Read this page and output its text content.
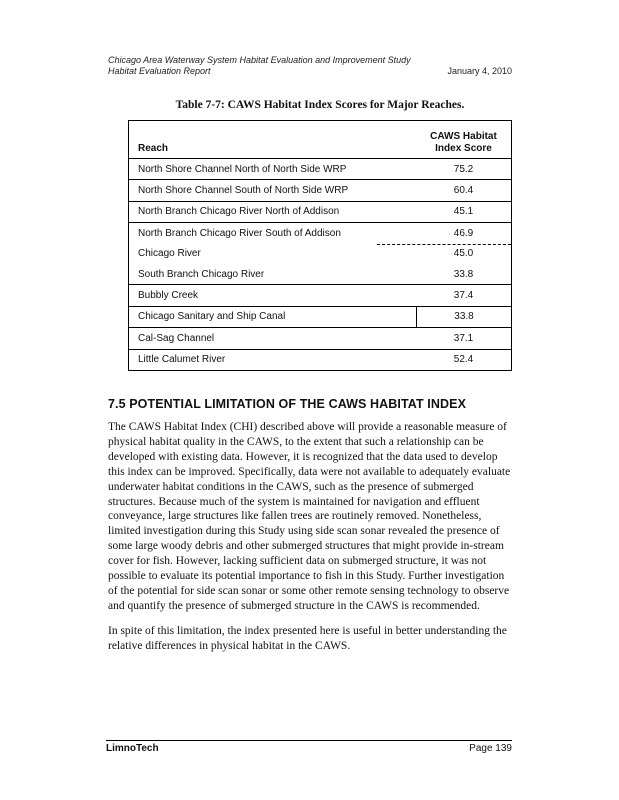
Chicago Area Waterway System Habitat Evaluation and Improvement Study
Habitat Evaluation Report	January 4, 2010
Table 7-7: CAWS Habitat Index Scores for Major Reaches.
Reach
CAWS Habitat
Index Score
North Shore Channel North of North Side WRP	75.2
North Shore Channel South of North Side WRP	60.4
North Branch Chicago River North of Addison	45.1
North Branch Chicago River South of Addison	46.9
Chicago River	45.0
South Branch Chicago River	33.8
Bubbly Creek	37.4
Chicago Sanitary and Ship Canal	33.8
Cal-Sag Channel	37.1
Little Calumet River	52.4
7.5 POTENTIAL LIMITATION OF THE CAWS HABITAT INDEX
The CAWS Habitat Index (CHI) described above will provide a reasonable measure of physical habitat quality in the CAWS, to the extent that such a relationship can be developed with existing data. However, it is recognized that the data used to develop this index can be improved. Specifically, data were not available to adequately evaluate underwater habitat conditions in the CAWS, such as the presence of submerged structures. Because much of the system is maintained for navigation and effluent conveyance, large structures like fallen trees are routinely removed. Nonetheless, limited investigation during this Study using side scan sonar revealed the presence of some large woody debris and other submerged structures that might provide in-stream cover for fish. However, lacking sufficient data on submerged structure, it was not possible to evaluate its potential importance to fish in this Study. Further investigation of the potential for side scan sonar or some other remote sensing technology to observe and quantify the presence of submerged structure in the CAWS is recommended.
In spite of this limitation, the index presented here is useful in better understanding the relative differences in physical habitat in the CAWS.
LimnoTech	Page 139
